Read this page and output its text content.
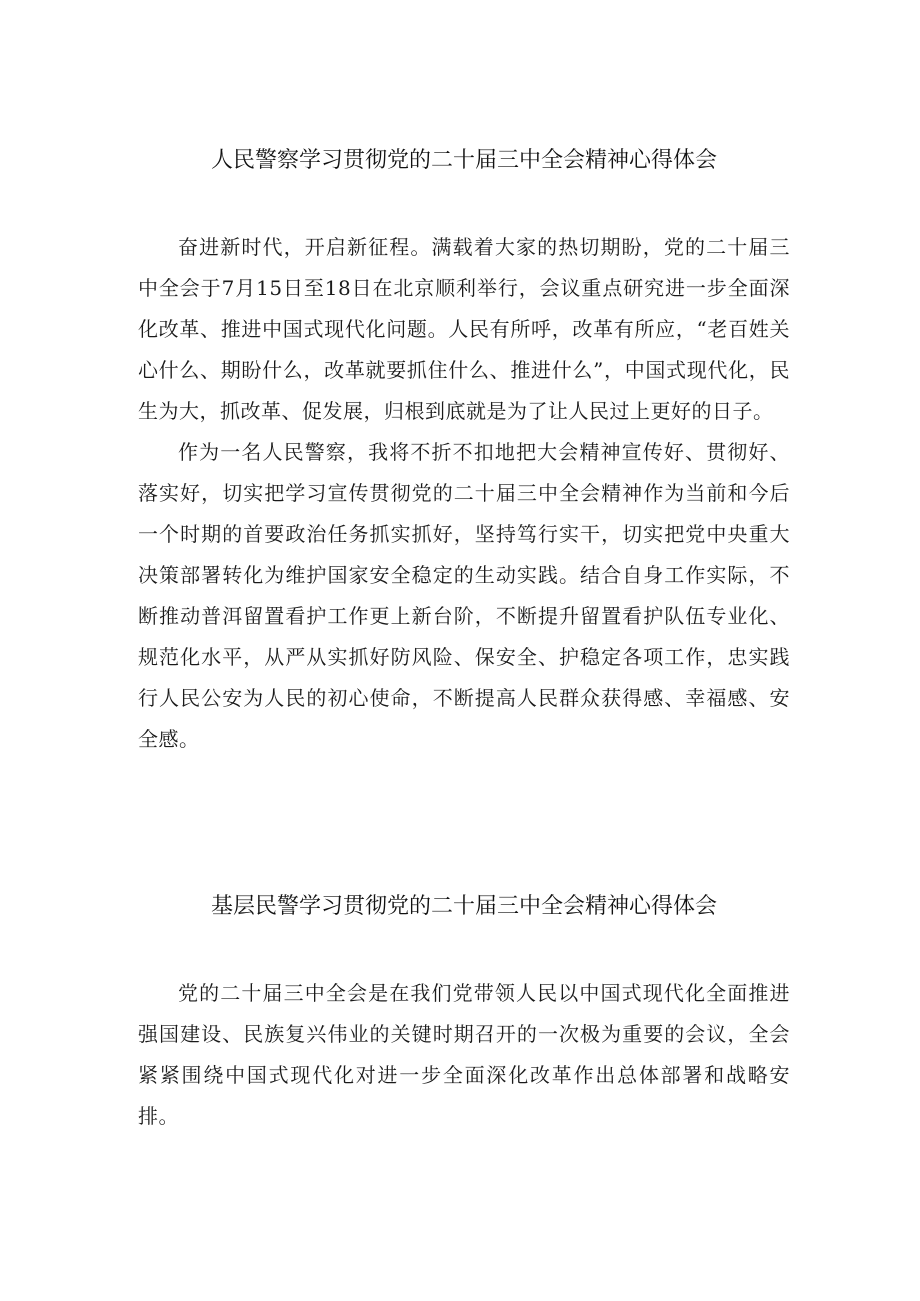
人民警察学习贯彻党的二十届三中全会精神心得体会

奋进新时代，开启新征程。满载着大家的热切期盼，党的二十届三中全会于7月15日至18日在北京顺利举行，会议重点研究进一步全面深化改革、推进中国式现代化问题。人民有所呼，改革有所应，“老百姓关心什么、期盼什么，改革就要抓住什么、推进什么”，中国式现代化，民生为大，抓改革、促发展，归根到底就是为了让人民过上更好的日子。

作为一名人民警察，我将不折不扣地把大会精神宣传好、贯彻好、落实好，切实把学习宣传贯彻党的二十届三中全会精神作为当前和今后一个时期的首要政治任务抓实抓好，坚持笃行实干，切实把党中央重大决策部署转化为维护国家安全稳定的生动实践。结合自身工作实际，不断推动普洱留置看护工作更上新台阶，不断提升留置看护队伍专业化、规范化水平，从严从实抓好防风险、保安全、护稳定各项工作，忠实践行人民公安为人民的初心使命，不断提高人民群众获得感、幸福感、安全感。

基层民警学习贯彻党的二十届三中全会精神心得体会

党的二十届三中全会是在我们党带领人民以中国式现代化全面推进强国建设、民族复兴伟业的关键时期召开的一次极为重要的会议，全会紧紧围绕中国式现代化对进一步全面深化改革作出总体部署和战略安排。
